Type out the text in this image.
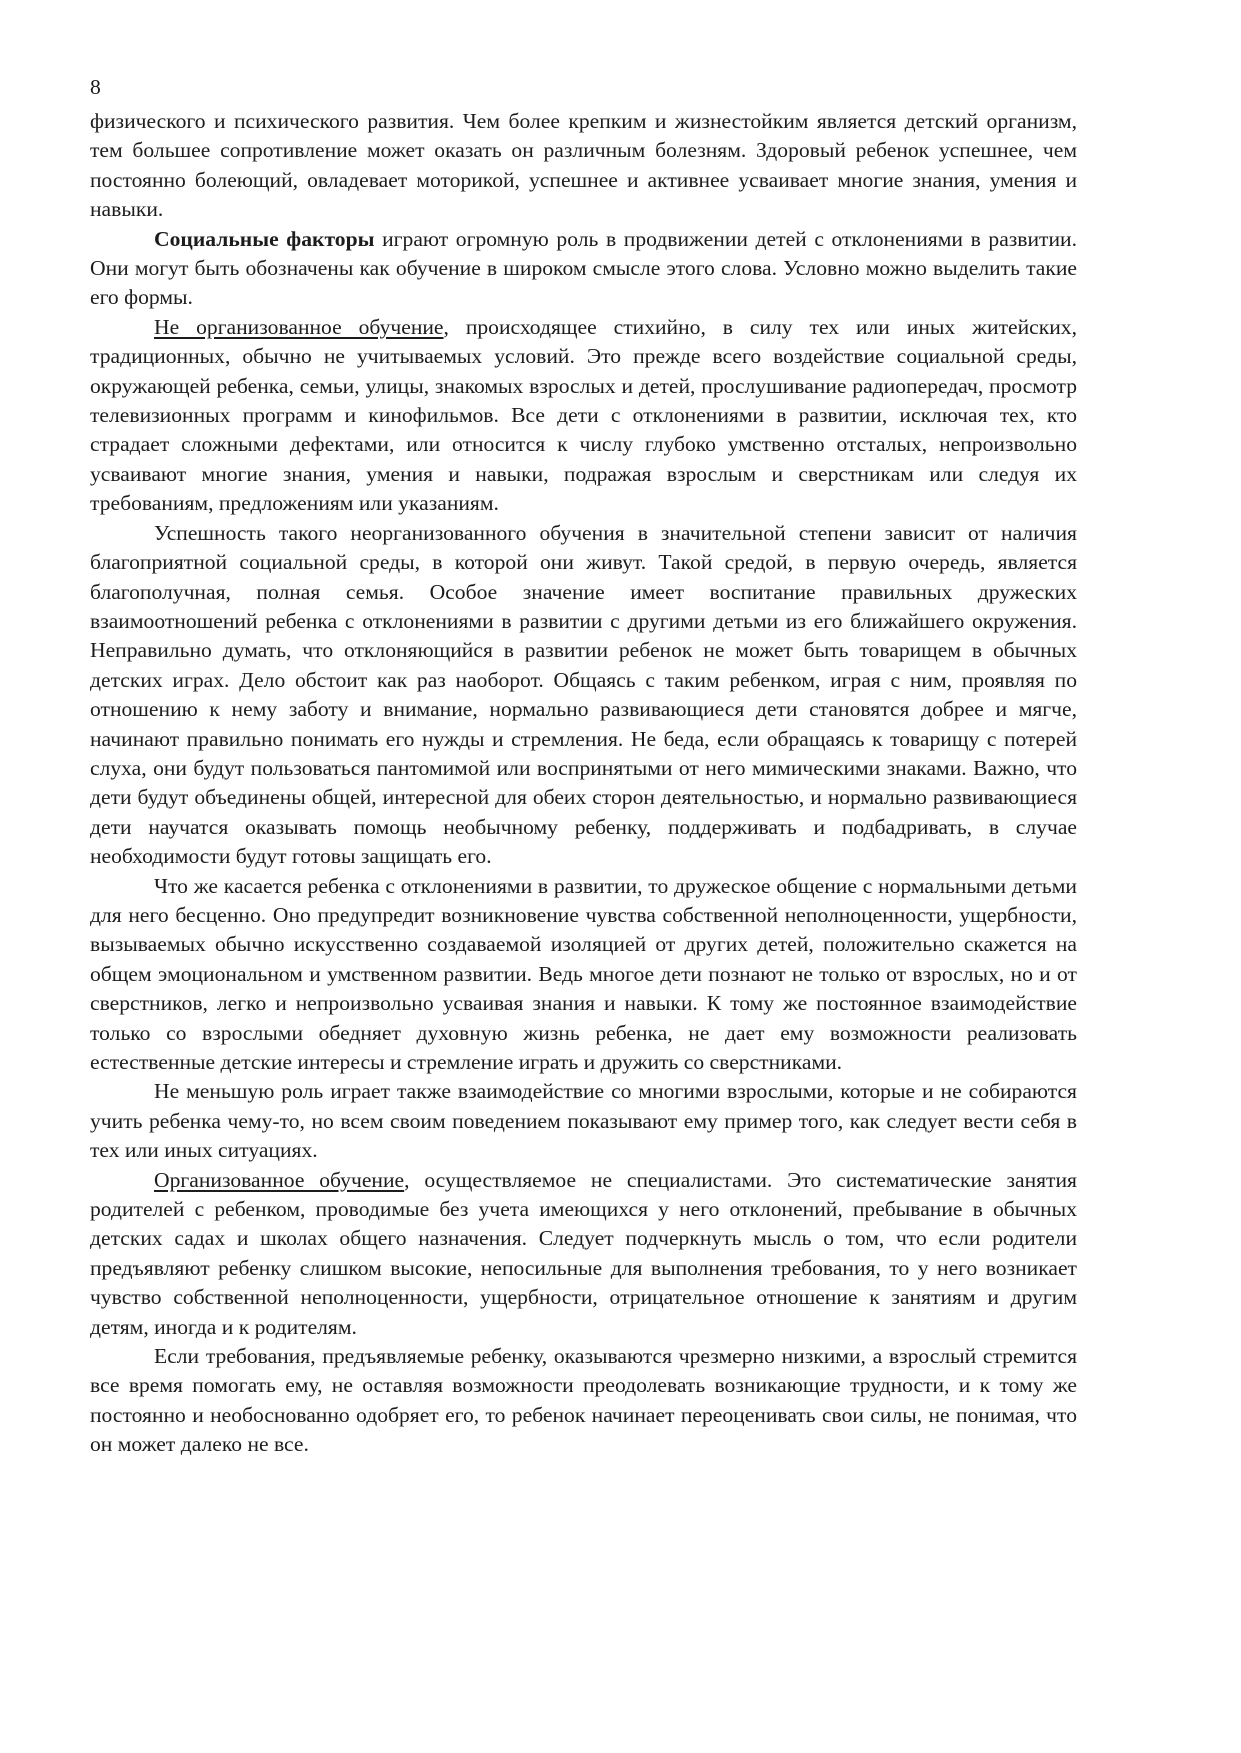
8

физического и психического развития. Чем более крепким и жизнестойким является детский организм, тем большее сопротивление может оказать он различным болезням. Здоровый ребенок успешнее, чем постоянно болеющий, овладевает моторикой, успешнее и активнее усваивает многие знания, умения и навыки.

Социальные факторы играют огромную роль в продвижении детей с отклонениями в развитии. Они могут быть обозначены как обучение в широком смысле этого слова. Условно можно выделить такие его формы.

Не организованное обучение, происходящее стихийно, в силу тех или иных житейских, традиционных, обычно не учитываемых условий. Это прежде всего воздействие социальной среды, окружающей ребенка, семьи, улицы, знакомых взрослых и детей, прослушивание радиопередач, просмотр телевизионных программ и кинофильмов. Все дети с отклонениями в развитии, исключая тех, кто страдает сложными дефектами, или относится к числу глубоко умственно отсталых, непроизвольно усваивают многие знания, умения и навыки, подражая взрослым и сверстникам или следуя их требованиям, предложениям или указаниям.

Успешность такого неорганизованного обучения в значительной степени зависит от наличия благоприятной социальной среды, в которой они живут. Такой средой, в первую очередь, является благополучная, полная семья. Особое значение имеет воспитание правильных дружеских взаимоотношений ребенка с отклонениями в развитии с другими детьми из его ближайшего окружения. Неправильно думать, что отклоняющийся в развитии ребенок не может быть товарищем в обычных детских играх. Дело обстоит как раз наоборот. Общаясь с таким ребенком, играя с ним, проявляя по отношению к нему заботу и внимание, нормально развивающиеся дети становятся добрее и мягче, начинают правильно понимать его нужды и стремления. Не беда, если обращаясь к товарищу с потерей слуха, они будут пользоваться пантомимой или воспринятыми от него мимическими знаками. Важно, что дети будут объединены общей, интересной для обеих сторон деятельностью, и нормально развивающиеся дети научатся оказывать помощь необычному ребенку, поддерживать и подбадривать, в случае необходимости будут готовы защищать его.

Что же касается ребенка с отклонениями в развитии, то дружеское общение с нормальными детьми для него бесценно. Оно предупредит возникновение чувства собственной неполноценности, ущербности, вызываемых обычно искусственно создаваемой изоляцией от других детей, положительно скажется на общем эмоциональном и умственном развитии. Ведь многое дети познают не только от взрослых, но и от сверстников, легко и непроизвольно усваивая знания и навыки. К тому же постоянное взаимодействие только со взрослыми обедняет духовную жизнь ребенка, не дает ему возможности реализовать естественные детские интересы и стремление играть и дружить со сверстниками.

Не меньшую роль играет также взаимодействие со многими взрослыми, которые и не собираются учить ребенка чему-то, но всем своим поведением показывают ему пример того, как следует вести себя в тех или иных ситуациях.

Организованное обучение, осуществляемое не специалистами. Это систематические занятия родителей с ребенком, проводимые без учета имеющихся у него отклонений, пребывание в обычных детских садах и школах общего назначения. Следует подчеркнуть мысль о том, что если родители предъявляют ребенку слишком высокие, непосильные для выполнения требования, то у него возникает чувство собственной неполноценности, ущербности, отрицательное отношение к занятиям и другим детям, иногда и к родителям.

Если требования, предъявляемые ребенку, оказываются чрезмерно низкими, а взрослый стремится все время помогать ему, не оставляя возможности преодолевать возникающие трудности, и к тому же постоянно и необоснованно одобряет его, то ребенок начинает переоценивать свои силы, не понимая, что он может далеко не все.
